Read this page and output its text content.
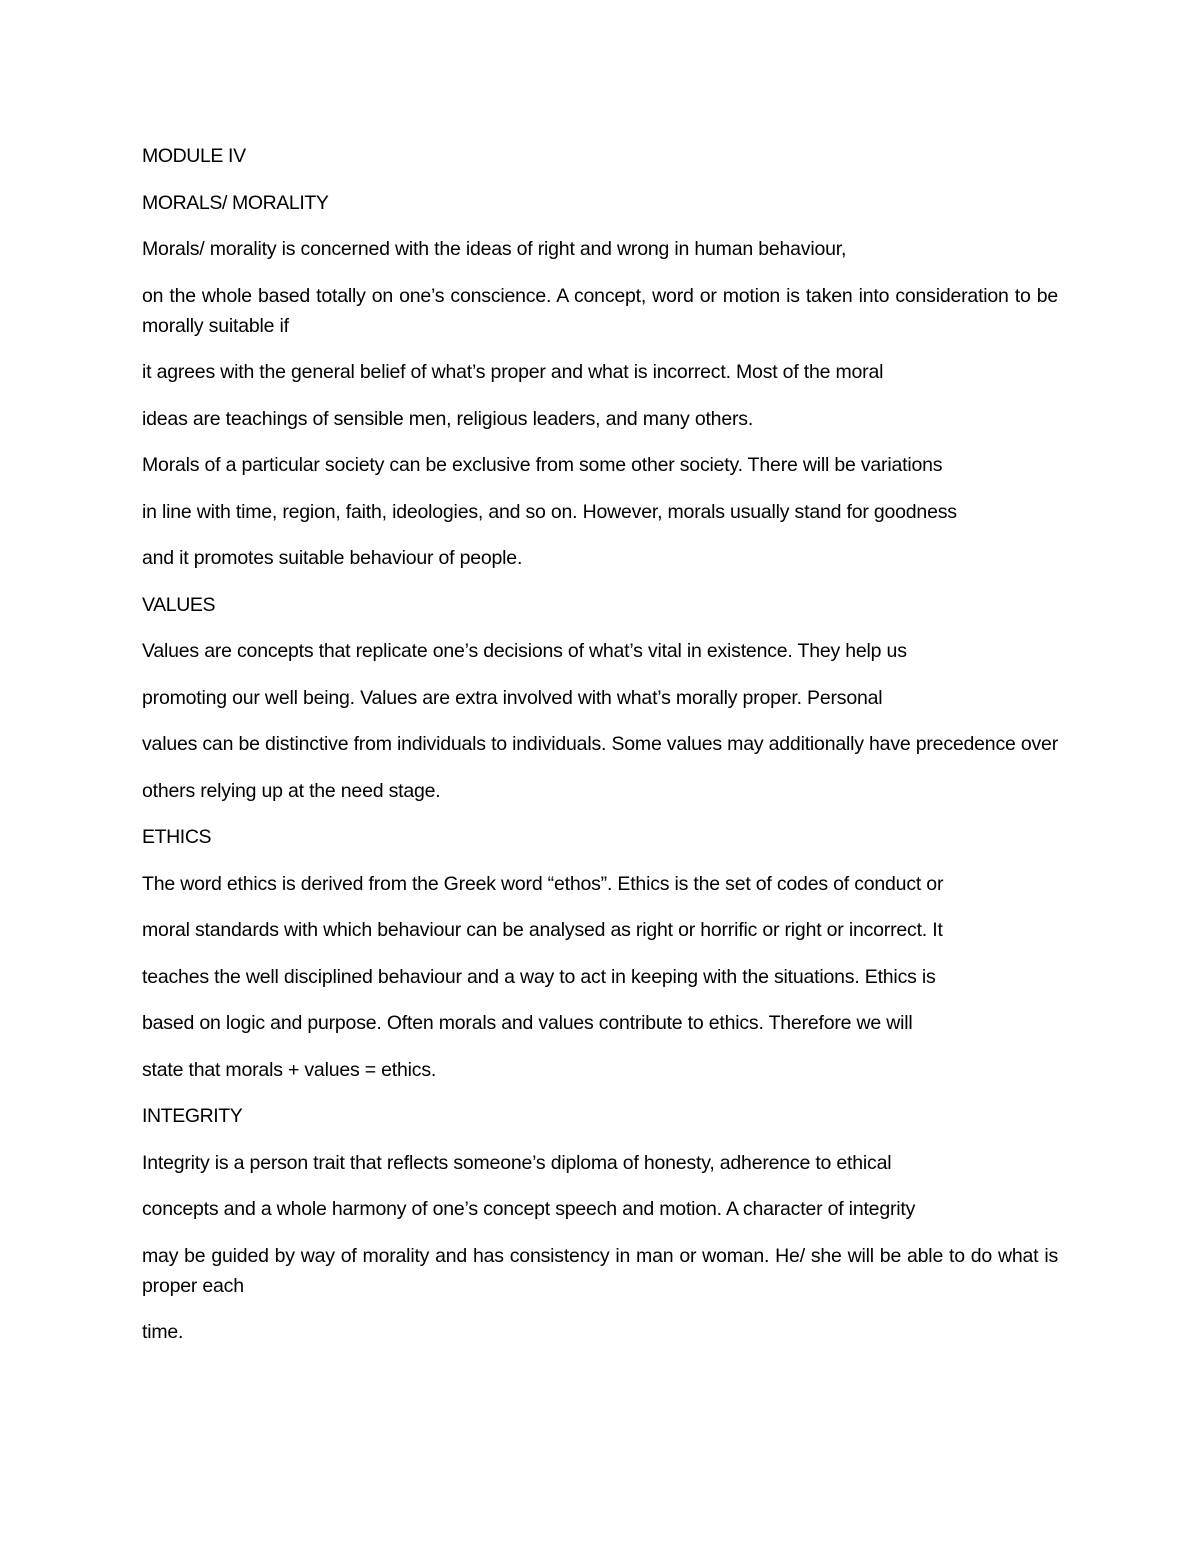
MODULE IV
MORALS/ MORALITY
Morals/ morality is concerned with the ideas of right and wrong in human behaviour,
on the whole based totally on one’s conscience. A concept, word or motion is taken into consideration to be morally suitable if
it agrees with the general belief of what’s proper and what is incorrect. Most of the moral
ideas are teachings of sensible men, religious leaders, and many others.
Morals of a particular society can be exclusive from some other society. There will be variations
in line with time, region, faith, ideologies, and so on. However, morals usually stand for goodness
and it promotes suitable behaviour of people.
VALUES
Values are concepts that replicate one’s decisions of what’s vital in existence. They help us
promoting our well being. Values are extra involved with what’s morally proper. Personal
values can be distinctive from individuals to individuals. Some values may additionally have precedence over
others relying up at the need stage.
ETHICS
The word ethics is derived from the Greek word “ethos”. Ethics is the set of codes of conduct or
moral standards with which behaviour can be analysed as right or horrific or right or incorrect. It
teaches the well disciplined behaviour and a way to act in keeping with the situations. Ethics is
based on logic and purpose. Often morals and values contribute to ethics. Therefore we will
state that morals + values = ethics.
INTEGRITY
Integrity is a person trait that reflects someone’s diploma of honesty, adherence to ethical
concepts and a whole harmony of one’s concept speech and motion. A character of integrity
may be guided by way of morality and has consistency in man or woman. He/ she will be able to do what is proper each
time.
